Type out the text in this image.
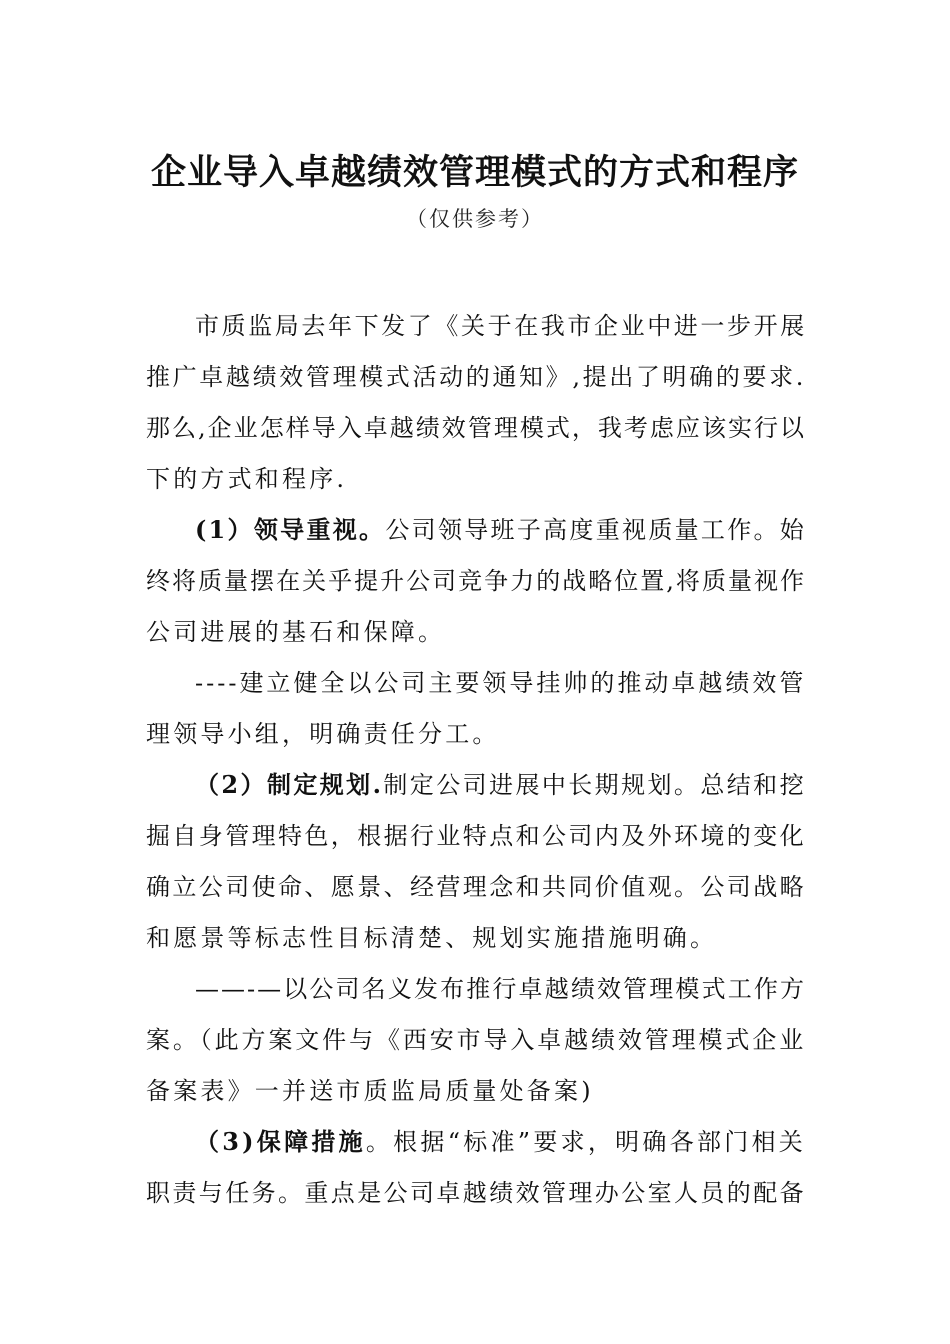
企业导入卓越绩效管理模式的方式和程序
（仅供参考）
市质监局去年下发了《关于在我市企业中进一步开展
推广卓越绩效管理模式活动的通知》,提出了明确的要求.
那么,企业怎样导入卓越绩效管理模式，我考虑应该实行以
下的方式和程序.
(1）领导重视。公司领导班子高度重视质量工作。始
终将质量摆在关乎提升公司竞争力的战略位置,将质量视作
公司进展的基石和保障。
----建立健全以公司主要领导挂帅的推动卓越绩效管
理领导小组，明确责任分工。
（2）制定规划.制定公司进展中长期规划。总结和挖
掘自身管理特色，根据行业特点和公司内及外环境的变化
确立公司使命、愿景、经营理念和共同价值观。公司战略
和愿景等标志性目标清楚、规划实施措施明确。
——-—以公司名义发布推行卓越绩效管理模式工作方
案。（此方案文件与《西安市导入卓越绩效管理模式企业
备案表》一并送市质监局质量处备案)
（3)保障措施。根据“标准”要求，明确各部门相关
职责与任务。重点是公司卓越绩效管理办公室人员的配备
